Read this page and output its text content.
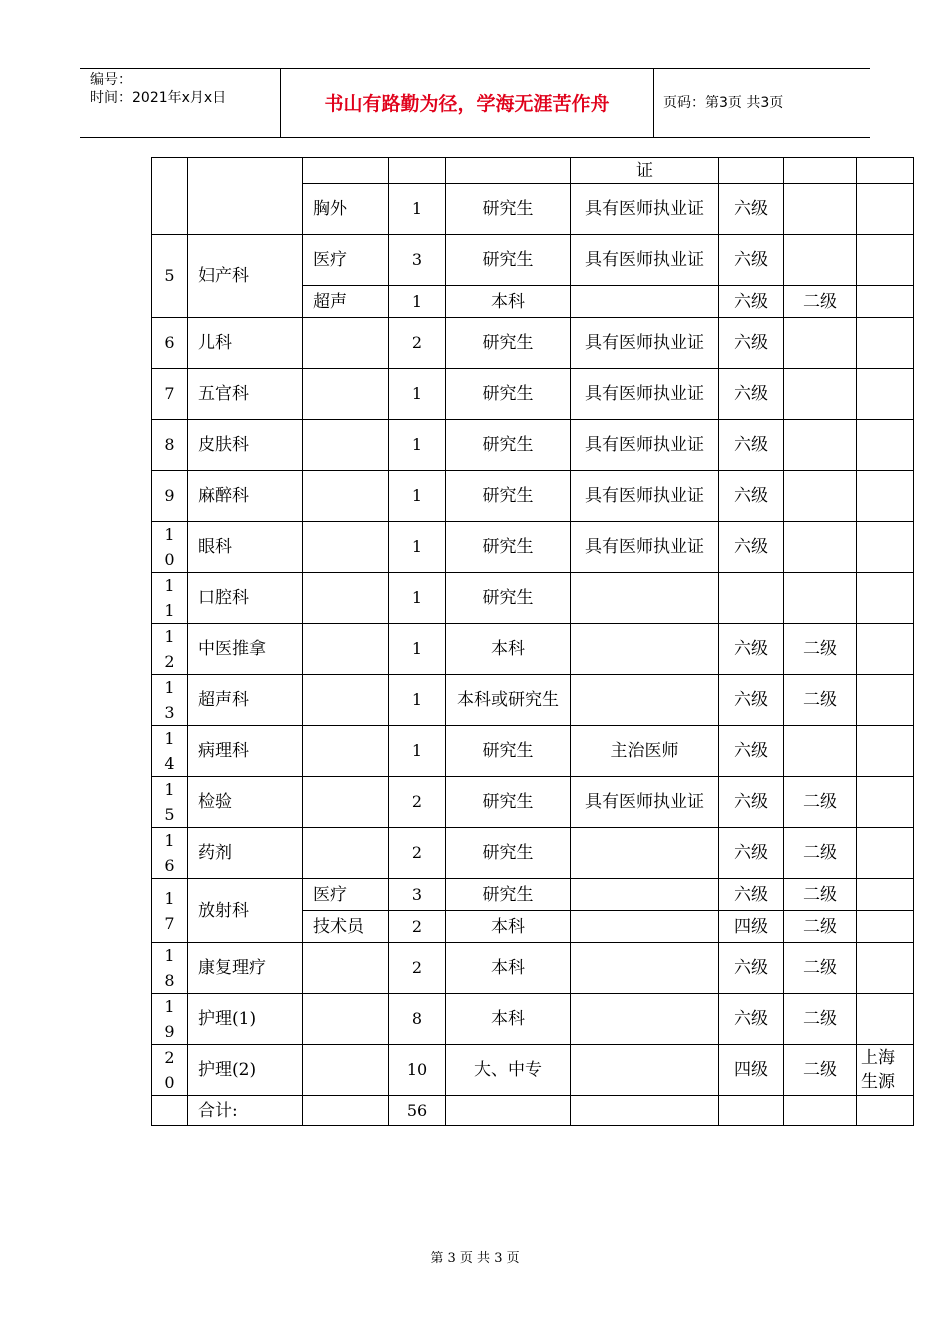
编号：
时间：2021年x月x日	书山有路勤为径，学海无涯苦作舟	页码：第3页 共3页
					证			
		胸外	1	研究生	具有医师执业证	六级		
5	妇产科	医疗	3	研究生	具有医师执业证	六级		
		超声	1	本科		六级	二级	
6	儿科		2	研究生	具有医师执业证	六级		
7	五官科		1	研究生	具有医师执业证	六级		
8	皮肤科		1	研究生	具有医师执业证	六级		
9	麻醉科		1	研究生	具有医师执业证	六级		
10	眼科		1	研究生	具有医师执业证	六级		
11	口腔科		1	研究生				
12	中医推拿		1	本科		六级	二级	
13	超声科		1	本科或研究生		六级	二级	
14	病理科		1	研究生	主治医师	六级		
15	检验		2	研究生	具有医师执业证	六级	二级	
16	药剂		2	研究生		六级	二级	
17	放射科	医疗	3	研究生		六级	二级	
		技术员	2	本科		四级	二级	
18	康复理疗		2	本科		六级	二级	
19	护理(1)		8	本科		六级	二级	
20	护理(2)		10	大、中专		四级	二级	上海生源
	合计:		56					
第 3 页 共 3 页
